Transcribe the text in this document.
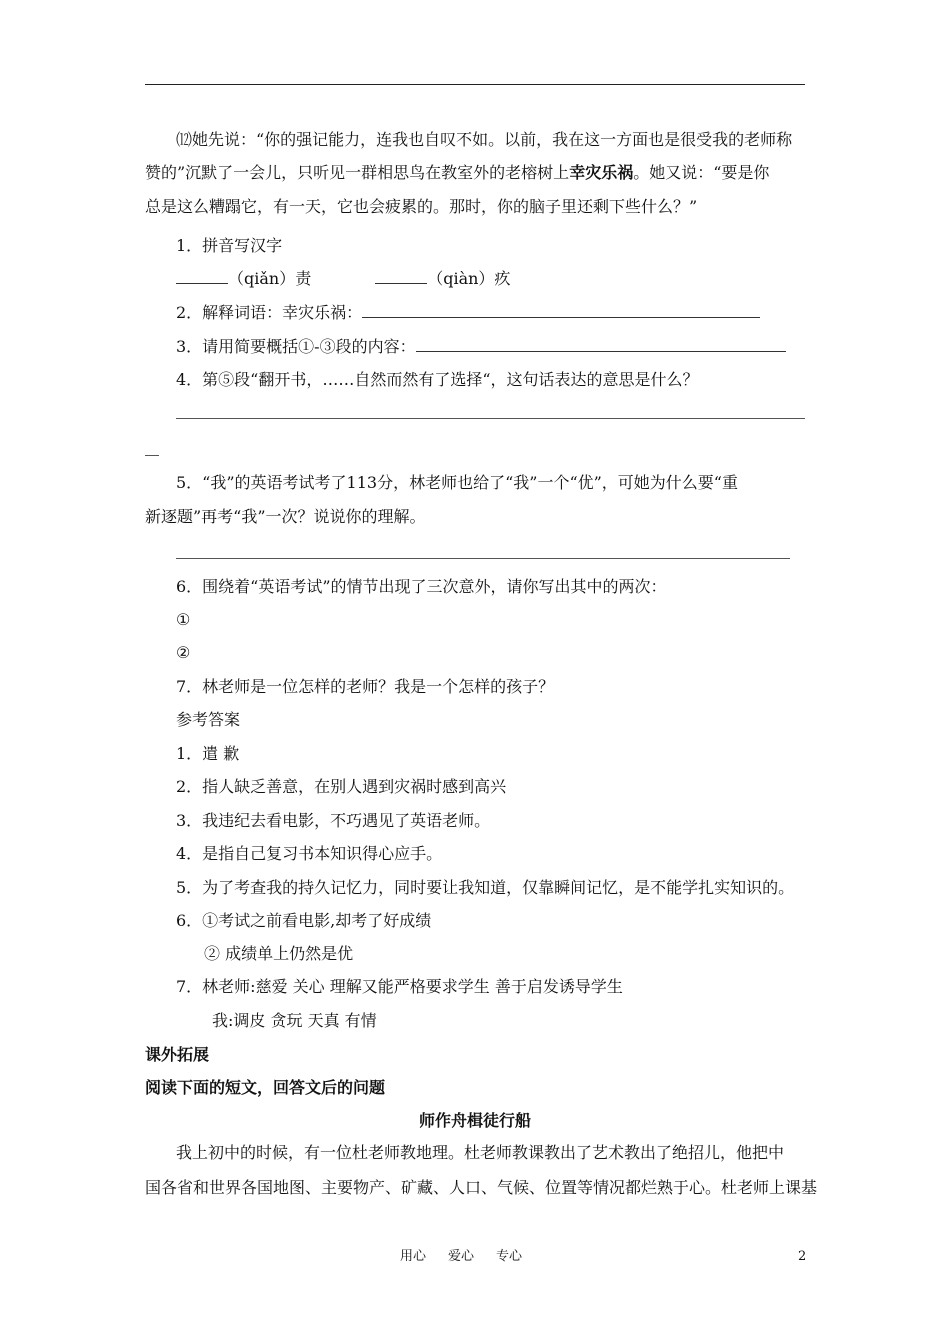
⑿她先说：“你的强记能力，连我也自叹不如。以前，我在这一方面也是很受我的老师称
赞的”沉默了一会儿，只听见一群相思鸟在教室外的老榕树上幸灾乐祸。她又说：“要是你
总是这么糟蹋它，有一天，它也会疲累的。那时，你的脑子里还剩下些什么？”
1．拼音写汉字
（qiǎn）责	（qiàn）疚
2．解释词语：幸灾乐祸：
3．请用简要概括①-③段的内容：
4．第⑤段“翻开书，……自然而然有了选择“，这句话表达的意思是什么？
5．“我”的英语考试考了113分，林老师也给了“我”一个“优”，可她为什么要“重
新逐题”再考“我”一次？说说你的理解。
6．围绕着“英语考试”的情节出现了三次意外，请你写出其中的两次：
①
②
7．林老师是一位怎样的老师？我是一个怎样的孩子？
参考答案
1．遣 歉
2．指人缺乏善意，在别人遇到灾祸时感到高兴
3．我违纪去看电影，不巧遇见了英语老师。
4．是指自己复习书本知识得心应手。
5．为了考查我的持久记忆力，同时要让我知道，仅靠瞬间记忆，是不能学扎实知识的。
6．①考试之前看电影,却考了好成绩
② 成绩单上仍然是优
7．林老师:慈爱 关心 理解又能严格要求学生 善于启发诱导学生
我:调皮 贪玩 天真 有情
课外拓展
阅读下面的短文，回答文后的问题
师作舟楫徒行船
我上初中的时候，有一位杜老师教地理。杜老师教课教出了艺术教出了绝招儿，他把中
国各省和世界各国地图、主要物产、矿藏、人口、气候、位置等情况都烂熟于心。杜老师上课基
用心 爱心 专心	2
